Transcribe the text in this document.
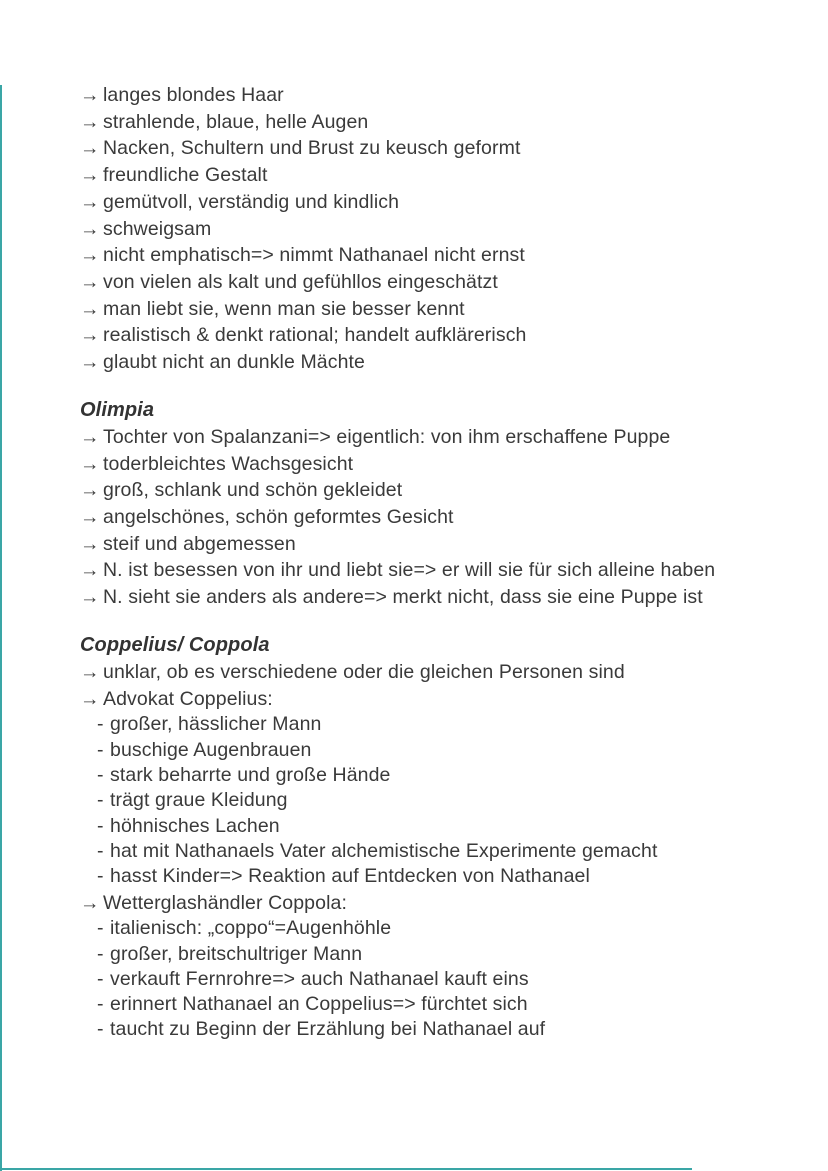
→ langes blondes Haar
→ strahlende, blaue, helle Augen
→ Nacken, Schultern und Brust zu keusch geformt
→ freundliche Gestalt
→ gemütvoll, verständig und kindlich
→ schweigsam
→ nicht emphatisch=> nimmt Nathanael nicht ernst
→ von vielen als kalt und gefühllos eingeschätzt
→ man liebt sie, wenn man sie besser kennt
→ realistisch & denkt rational; handelt aufklärerisch
→ glaubt nicht an dunkle Mächte
Olimpia
→ Tochter von Spalanzani=> eigentlich: von ihm erschaffene Puppe
→ toderbleichtes Wachsgesicht
→ groß, schlank und schön gekleidet
→ angelschönes, schön geformtes Gesicht
→ steif und abgemessen
→ N. ist besessen von ihr und liebt sie=> er will sie für sich alleine haben
→ N. sieht sie anders als andere=> merkt nicht, dass sie eine Puppe ist
Coppelius/ Coppola
→ unklar, ob es verschiedene oder die gleichen Personen sind
→ Advokat Coppelius:
- großer, hässlicher Mann
- buschige Augenbrauen
- stark beharrte und große Hände
- trägt graue Kleidung
- höhnisches Lachen
- hat mit Nathanaels Vater alchemistische Experimente gemacht
- hasst Kinder=> Reaktion auf Entdecken von Nathanael
→ Wetterglashändler Coppola:
- italienisch: „coppo“=Augenhöhle
- großer, breitschultriger Mann
- verkauft Fernrohre=> auch Nathanael kauft eins
- erinnert Nathanael an Coppelius=> fürchtet sich
- taucht zu Beginn der Erzählung bei Nathanael auf
